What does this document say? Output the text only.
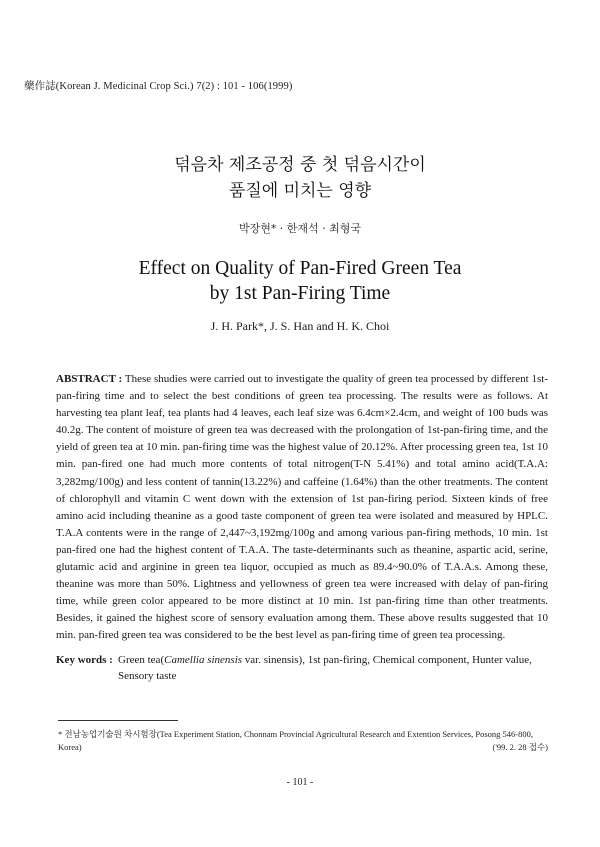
藥作誌(Korean J. Medicinal Crop Sci.) 7(2) : 101 - 106(1999)
덖음차 제조공정 중 첫 덖음시간이
품질에 미치는 영향
박장현* · 한재석 · 최형국
Effect on Quality of Pan-Fired Green Tea
by 1st Pan-Firing Time
J. H. Park*, J. S. Han and H. K. Choi

ABSTRACT : These shudies were carried out to investigate the quality of green tea processed by different 1st-pan-firing time and to select the best conditions of green tea processing. The results were as follows. At harvesting tea plant leaf, tea plants had 4 leaves, each leaf size was 6.4cm×2.4cm, and weight of 100 buds was 40.2g. The content of moisture of green tea was decreased with the prolongation of 1st-pan-firing time, and the yield of green tea at 10 min. pan-firing time was the highest value of 20.12%. After processing green tea, 1st 10 min. pan-fired one had much more contents of total nitrogen(T-N 5.41%) and total amino acid(T.A.A: 3,282mg/100g) and less content of tannin(13.22%) and caffeine (1.64%) than the other treatments. The content of chlorophyll and vitamin C went down with the extension of 1st pan-firing period. Sixteen kinds of free amino acid including theanine as a good taste component of green tea were isolated and measured by HPLC. T.A.A contents were in the range of 2,447~3,192mg/100g and among various pan-firing methods, 10 min. 1st pan-fired one had the highest content of T.A.A. The taste-determinants such as theanine, aspartic acid, serine, glutamic acid and arginine in green tea liquor, occupied as much as 89.4~90.0% of T.A.A.s. Among these, theanine was more than 50%. Lightness and yellowness of green tea were increased with delay of pan-firing time, while green color appeared to be more distinct at 10 min. 1st pan-firing time than other treatments. Besides, it gained the highest score of sensory evaluation among them. These above results suggested that 10 min. pan-fired green tea was considered to be the best level as pan-firing time of green tea processing.

Key words : Green tea(Camellia sinensis var. sinensis), 1st pan-firing, Chemical component, Hunter value, Sensory taste
* 전남농업기술원 차시험장(Tea Experiment Station, Chonnam Provincial Agricultural Research and Extention Services, Posong 546-800, Korea)	('99. 2. 28 접수)
- 101 -
